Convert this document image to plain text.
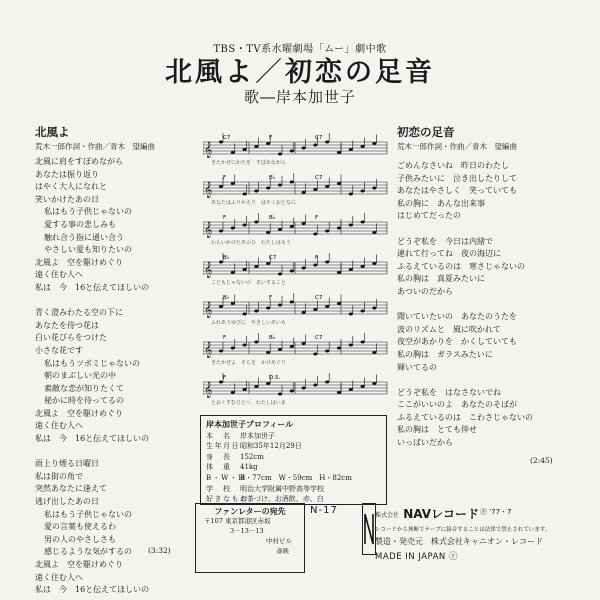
TBS・TV系水曜劇場「ムー」劇中歌
北風よ／初恋の足音
歌―岸本加世子
北風よ
荒木一郎作詞・作曲／青木　望編曲
北風に肩をすぼめながら
あなたは振り返り
はやく大人になれと
笑いかけたあの日
私はもう子供じゃないの
愛する事の悲しみも
触れ合う指に通い合う
やさしい愛も知りたいの
北風よ　空を駆けめぐり
遠く住む人へ
私は　今　16と伝えてほしいの
青く澄みわたる空の下に
あなたを待つ花は
白い花びらをつけた
小さな花です
私はもうツボミじゃないの
朝のまぶしい光の中
素敵な恋が知りたくて
秘かに時を待ってるの
北風よ　空を駆けめぐり
遠く住む人へ
私は　今　16と伝えてほしいの
雨上り煙る日曜日
私は街の角で
突然あなたに逢えて
逃げ出したあの日
私はもう子供じゃないの
愛の言葉も使えるわ
男の人のやさしさも
感じるような気がするの
北風よ　空を駆けめぐり
遠く住む人へ
私は　今　16と伝えてほしいの
(3:32)
𝄞
C7	F	C7
きたかぜにかたを　すぼめながら
𝄞
F	B♭	C7
あなたはふりかえり　はやくおとなに
𝄞
F	B♭	F
わらいかけたあのひ　わたしはもう
𝄞
B♭	C7	F
こどもじゃないの　あいすること
𝄞
B♭	F	C7
ふれあうゆびに　やさしいあいも
𝄞
F	B♭	C7
きたかぜよ　そらを　かけめぐり
𝄞
F	D.S.
とおくすむひとへ　わたしはいま
初恋の足音
荒木一郎作詞・作曲／青木　望編曲
ごめんなさいね　昨日のわたし
子供みたいに　泣き出したりして
あなたはやさしく　笑っていても
私の胸に　あんな出来事
はじめてだったの
どうぞ私を　今日は内緒で
連れて行ってね　夜の海辺に
ふるえているのは　寒さじゃないの
私の胸は　真夏みたいに
あついのだから
聞いていたいの　あなたのうたを
波のリズムと　風に吹かれて
夜空があかりを　かくしていても
私の胸は　ガラスみたいに
輝いてるの
どうぞ私を　はなさないでね
ここがいいのよ　あなたのそばが
ふるえているのは　こわさじゃないの
私の胸は　とても倖せ
いっぱいだから
(2:45)
岸本加世子プロフィール
本　名 岸本加世子
生年月日昭和35年12月29日
身　長 152cm
体　重 41kg
B・W・HB・77cm　W・59cm　H・82cm
学　校 明治大学附属中野高等学校
好きなものお茶づけ、お酒飲、赤、白
ファンレターの宛先
〒107 東京都港区赤坂
3－13－13
中村ビル
斎映
N-17	株式会社 NAVレコード Ⓟ '77・7
レコードから無断でテープに録音することは法律で禁止されています。
製造・発売元　株式会社キャニオン・レコード
MADE IN JAPAN ⓡ
